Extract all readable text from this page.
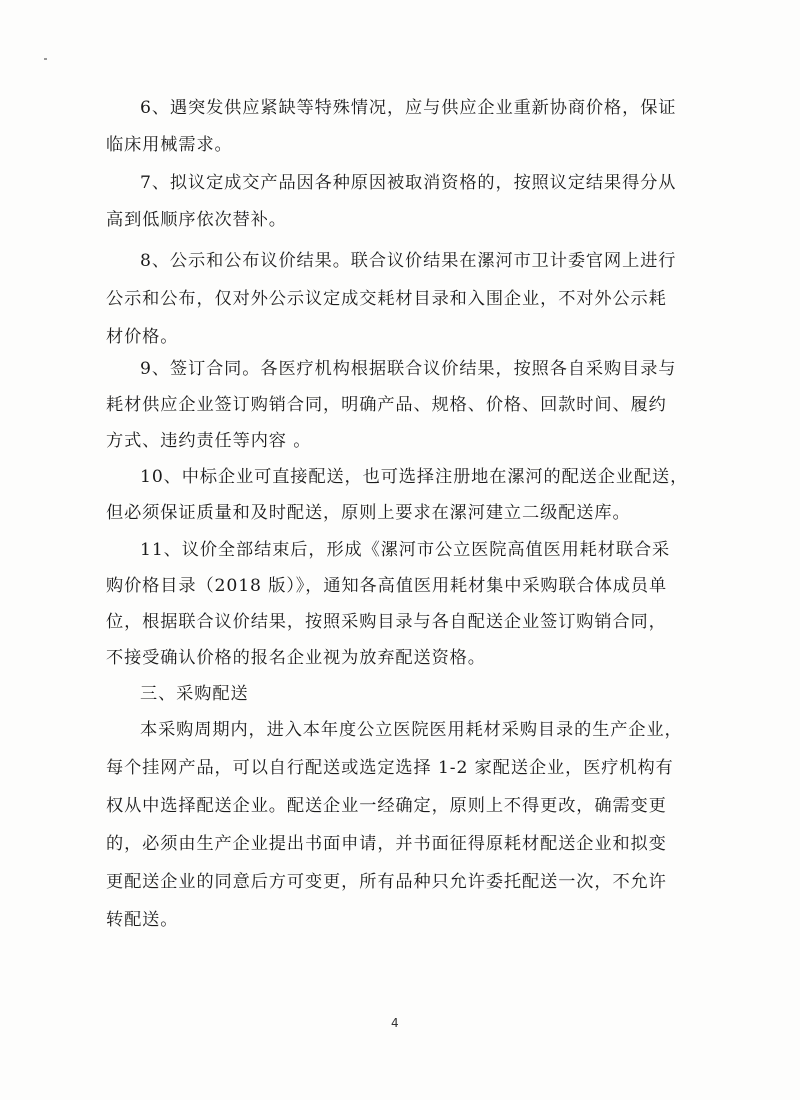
6、遇突发供应紧缺等特殊情况，应与供应企业重新协商价格，保证

临床用械需求。

7、拟议定成交产品因各种原因被取消资格的，按照议定结果得分从

高到低顺序依次替补。

8、公示和公布议价结果。联合议价结果在漯河市卫计委官网上进行

公示和公布，仅对外公示议定成交耗材目录和入围企业，不对外公示耗

材价格。

9、签订合同。各医疗机构根据联合议价结果，按照各自采购目录与

耗材供应企业签订购销合同，明确产品、规格、价格、回款时间、履约

方式、违约责任等内容 。

10、中标企业可直接配送，也可选择注册地在漯河的配送企业配送，

但必须保证质量和及时配送，原则上要求在漯河建立二级配送库。

11、议价全部结束后，形成《漯河市公立医院高值医用耗材联合采

购价格目录（2018 版）》，通知各高值医用耗材集中采购联合体成员单

位，根据联合议价结果，按照采购目录与各自配送企业签订购销合同，

不接受确认价格的报名企业视为放弃配送资格。

三、采购配送

本采购周期内，进入本年度公立医院医用耗材采购目录的生产企业，

每个挂网产品，可以自行配送或选定选择 1-2 家配送企业，医疗机构有

权从中选择配送企业。配送企业一经确定，原则上不得更改，确需变更

的，必须由生产企业提出书面申请，并书面征得原耗材配送企业和拟变

更配送企业的同意后方可变更，所有品种只允许委托配送一次，不允许

转配送。

4
